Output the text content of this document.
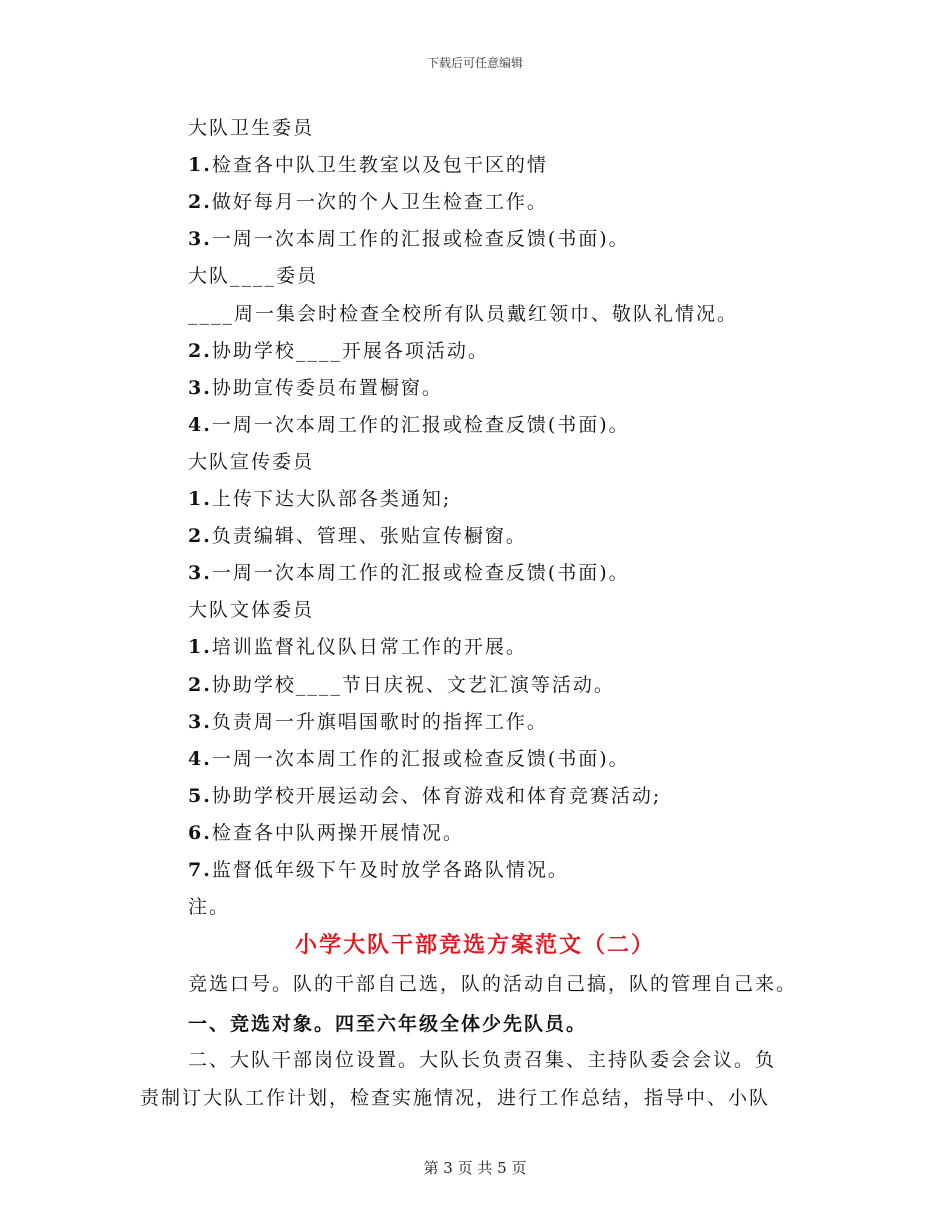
下载后可任意编辑
大队卫生委员
1.检查各中队卫生教室以及包干区的情
2.做好每月一次的个人卫生检查工作。
3.一周一次本周工作的汇报或检查反馈(书面)。
大队____委员
____周一集会时检查全校所有队员戴红领巾、敬队礼情况。
2.协助学校____开展各项活动。
3.协助宣传委员布置橱窗。
4.一周一次本周工作的汇报或检查反馈(书面)。
大队宣传委员
1.上传下达大队部各类通知;
2.负责编辑、管理、张贴宣传橱窗。
3.一周一次本周工作的汇报或检查反馈(书面)。
大队文体委员
1.培训监督礼仪队日常工作的开展。
2.协助学校____节日庆祝、文艺汇演等活动。
3.负责周一升旗唱国歌时的指挥工作。
4.一周一次本周工作的汇报或检查反馈(书面)。
5.协助学校开展运动会、体育游戏和体育竞赛活动;
6.检查各中队两操开展情况。
7.监督低年级下午及时放学各路队情况。
注。
小学大队干部竞选方案范文（二）
竞选口号。队的干部自己选，队的活动自己搞，队的管理自己来。
一、竞选对象。四至六年级全体少先队员。
二、大队干部岗位设置。大队长负责召集、主持队委会会议。负
责制订大队工作计划，检查实施情况，进行工作总结，指导中、小队
第 3 页 共 5 页
